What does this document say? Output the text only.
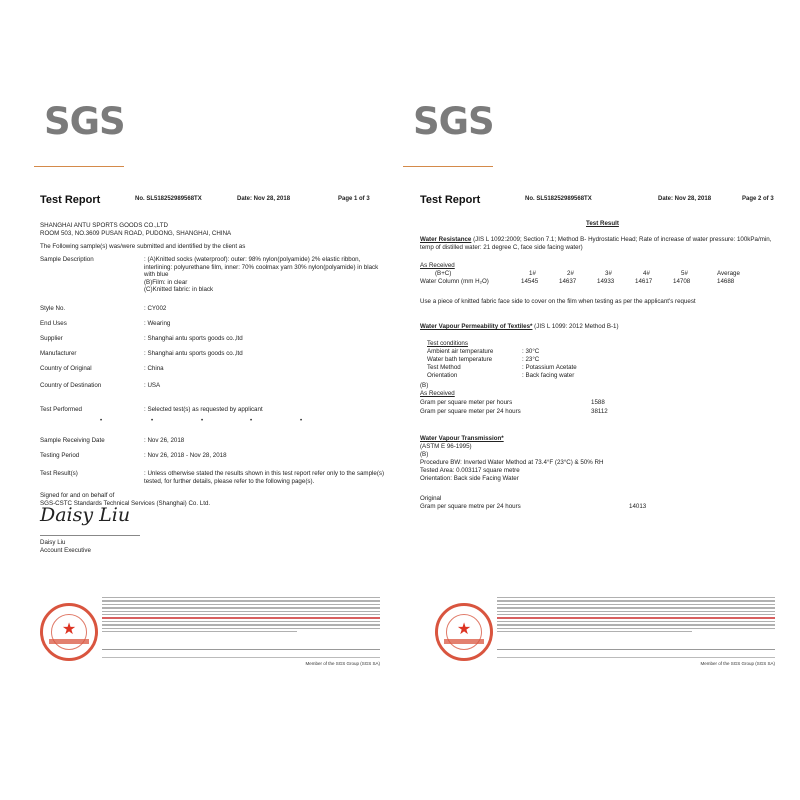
SGS
Test Report	No. SL518252989568TX	Date: Nov 28, 2018	Page 1 of 3
SHANGHAI ANTU SPORTS GOODS CO.,LTD
ROOM 503, NO.3609 PUSAN ROAD, PUDONG, SHANGHAI, CHINA
The Following sample(s) was/were submitted and identified by the client as
Sample Description	: (A)Knitted socks (waterproof): outer: 98% nylon(polyamide) 2% elastic ribbon, interlining: polyurethane film, inner: 70% coolmax yarn 30% nylon(polyamide) in black with blue
(B)Film: in clear
(C)Knitted fabric: in black
Style No.	: CY002
End Uses	: Wearing
Supplier	: Shanghai antu sports goods co.,ltd
Manufacturer	: Shanghai antu sports goods co.,ltd
Country of Original	: China
Country of Destination	: USA
Test Performed	: Selected test(s) as requested by applicant
•	•	•	•	•
Sample Receiving Date	: Nov 26, 2018
Testing Period	: Nov 26, 2018 - Nov 28, 2018
Test Result(s)	: Unless otherwise stated the results shown in this test report refer only to the sample(s) tested, for further details, please refer to the following page(s).
Signed for and on behalf of
SGS-CSTC Standards Technical Services (Shanghai) Co. Ltd.
Daisy Liu
Daisy Liu
Account Executive
★
Member of the SGS Group (SGS SA)
SGS
Test Report	No. SL518252989568TX	Date: Nov 28, 2018	Page 2 of 3
Test Result
Water Resistance (JIS L 1092:2009; Section 7.1; Method B- Hydrostatic Head; Rate of increase of water pressure: 100kPa/min, temp of distilled water: 21 degree C, face side facing water)
As Received
(B+C)	1#	2#	3#	4#	5#	Average
Water Column (mm H₂O)	14545	14637	14933	14617	14708	14688
Use a piece of knitted fabric face side to cover on the film when testing as per the applicant's request
Water Vapour Permeability of Textiles* (JIS L 1099: 2012 Method B-1)
Test conditions
Ambient air temperature	: 30°C
Water bath temperature	: 23°C
Test Method	: Potassium Acetate
Orientation	: Back facing water
(B)
As Received
Gram per square meter per hours	1588
Gram per square meter per 24 hours	38112
Water Vapour Transmission*
(ASTM E 96-1995)
(B)
Procedure BW: Inverted Water Method at 73.4°F (23°C) & 50% RH
Tested Area: 0.003117 square metre
Orientation: Back side Facing Water
Original
Gram per square metre per 24 hours	14013
★
Member of the SGS Group (SGS SA)
